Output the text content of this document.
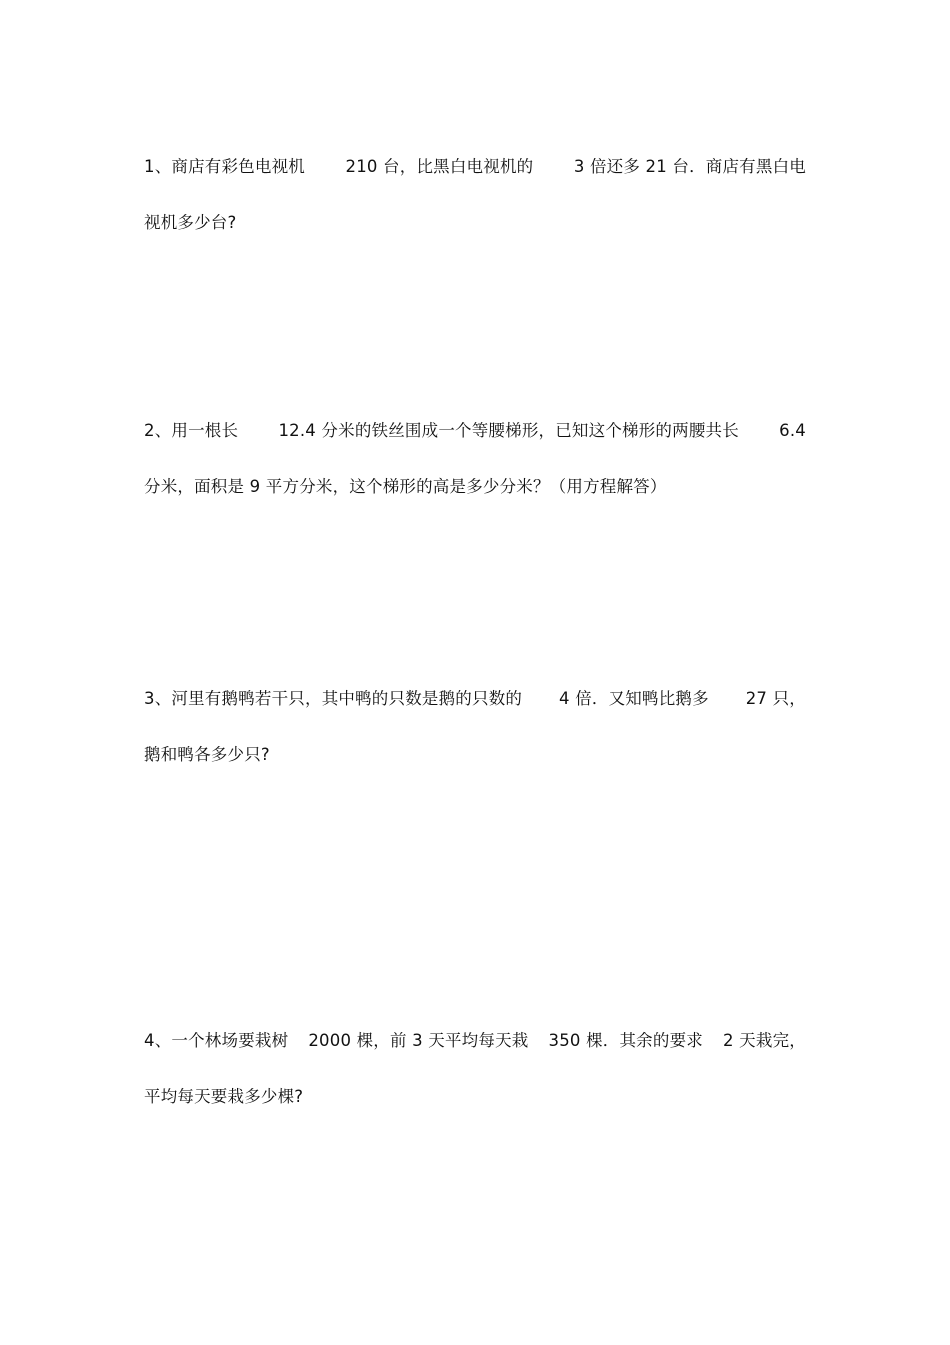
1、商店有彩色电视机 210 台，比黑白电视机的 3 倍还多 21 台．商店有黑白电
视机多少台?
2、用一根长 12.4 分米的铁丝围成一个等腰梯形，已知这个梯形的两腰共长 6.4
分米，面积是 9 平方分米，这个梯形的高是多少分米？（用方程解答）
3、河里有鹅鸭若干只，其中鸭的只数是鹅的只数的 4 倍．又知鸭比鹅多 27 只，
鹅和鸭各多少只?
4、一个林场要栽树 2000 棵，前 3 天平均每天栽 350 棵．其余的要求 2 天栽完，
平均每天要栽多少棵?
